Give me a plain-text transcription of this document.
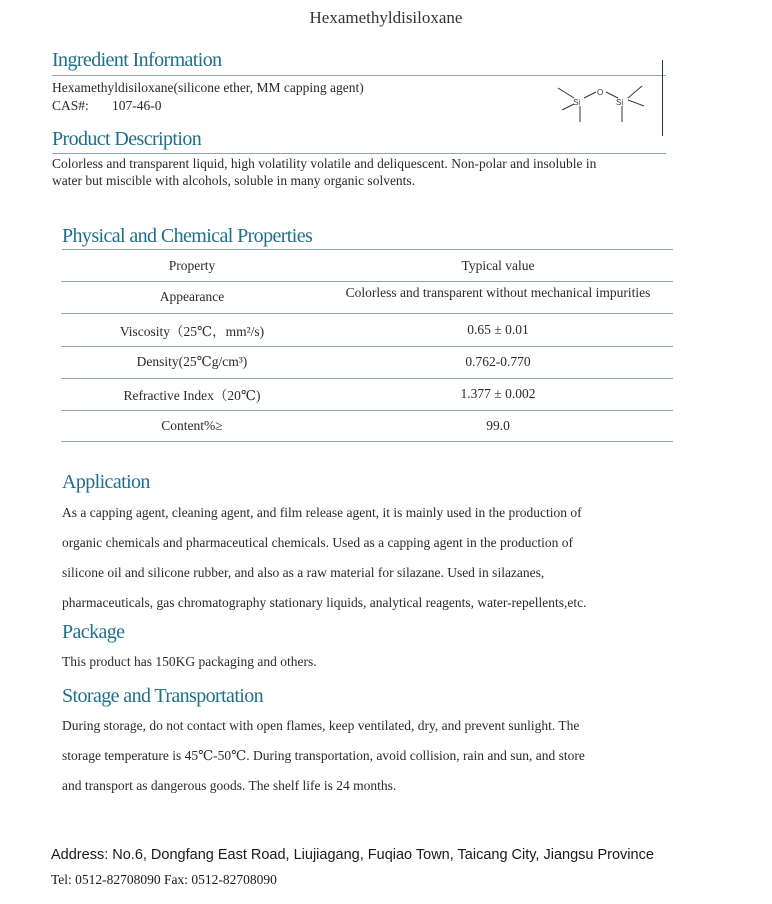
Hexamethyldisiloxane
Ingredient Information
Hexamethyldisiloxane(silicone ether, MM capping agent)
CAS#: 107-46-0	Si
O
Si
Product Description
Colorless and transparent liquid, high volatility volatile and deliquescent. Non-polar and insoluble in
water but miscible with alcohols, soluble in many organic solvents.
Physical and Chemical Properties
Property	Typical value
Appearance	Colorless and transparent without mechanical impurities
Viscosity（25℃，mm²/s)	0.65 ± 0.01
Density(25℃g/cm³)	0.762-0.770
Refractive Index（20℃)	1.377 ± 0.002
Content%≥	99.0
Application
As a capping agent, cleaning agent, and film release agent, it is mainly used in the production of
organic chemicals and pharmaceutical chemicals. Used as a capping agent in the production of
silicone oil and silicone rubber, and also as a raw material for silazane. Used in silazanes,
pharmaceuticals, gas chromatography stationary liquids, analytical reagents, water-repellents,etc.
Package
This product has 150KG packaging and others.
Storage and Transportation
During storage, do not contact with open flames, keep ventilated, dry, and prevent sunlight. The
storage temperature is 45℃-50℃. During transportation, avoid collision, rain and sun, and store
and transport as dangerous goods. The shelf life is 24 months.
Address: No.6, Dongfang East Road, Liujiagang, Fuqiao Town, Taicang City, Jiangsu Province
Tel: 0512-82708090 Fax: 0512-82708090
